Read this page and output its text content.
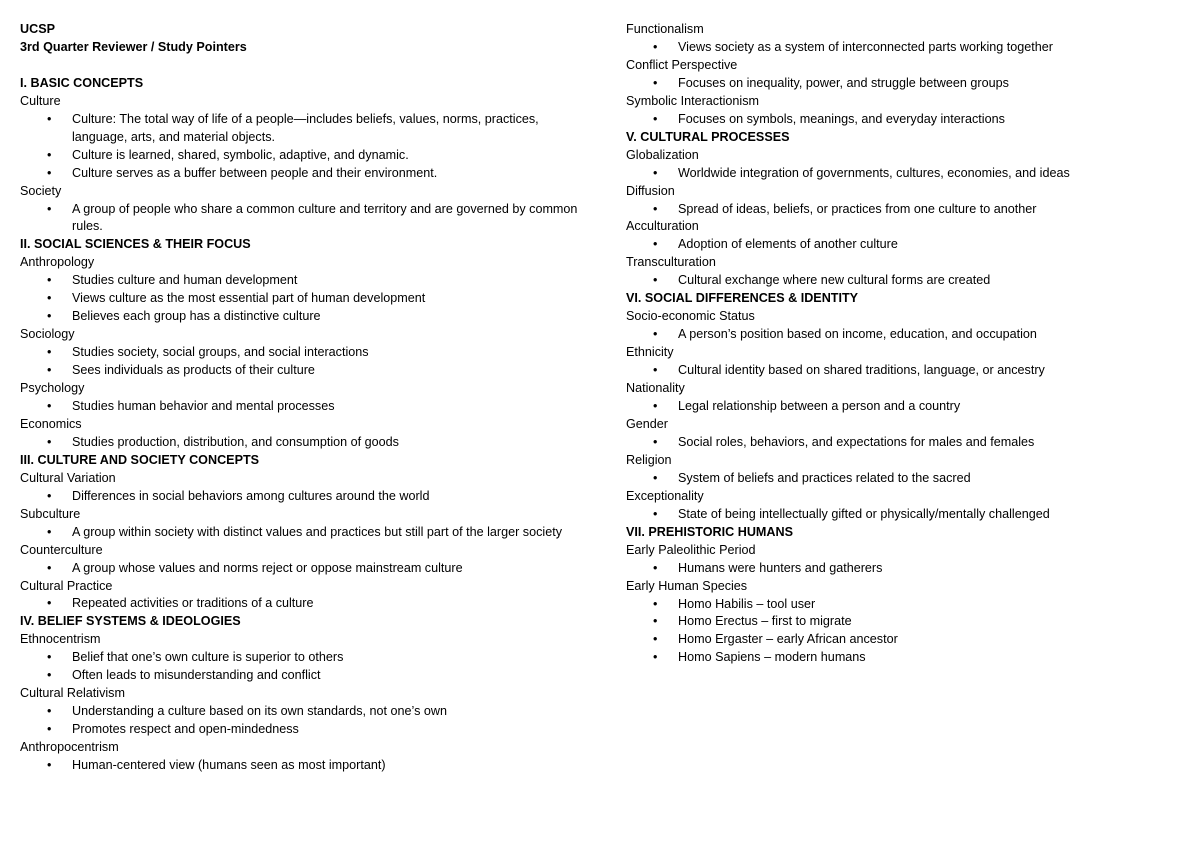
UCSP
3rd Quarter Reviewer / Study Pointers
I. BASIC CONCEPTS
Culture
• Culture: The total way of life of a people—includes beliefs, values, norms, practices, language, arts, and material objects.
• Culture is learned, shared, symbolic, adaptive, and dynamic.
• Culture serves as a buffer between people and their environment.
Society
• A group of people who share a common culture and territory and are governed by common rules.
II. SOCIAL SCIENCES & THEIR FOCUS
Anthropology
• Studies culture and human development
• Views culture as the most essential part of human development
• Believes each group has a distinctive culture
Sociology
• Studies society, social groups, and social interactions
• Sees individuals as products of their culture
Psychology
• Studies human behavior and mental processes
Economics
• Studies production, distribution, and consumption of goods
III. CULTURE AND SOCIETY CONCEPTS
Cultural Variation
• Differences in social behaviors among cultures around the world
Subculture
• A group within society with distinct values and practices but still part of the larger society
Counterculture
• A group whose values and norms reject or oppose mainstream culture
Cultural Practice
• Repeated activities or traditions of a culture
IV. BELIEF SYSTEMS & IDEOLOGIES
Ethnocentrism
• Belief that one’s own culture is superior to others
• Often leads to misunderstanding and conflict
Cultural Relativism
• Understanding a culture based on its own standards, not one’s own
• Promotes respect and open-mindedness
Anthropocentrism
• Human-centered view (humans seen as most important)
Functionalism
• Views society as a system of interconnected parts working together
Conflict Perspective
• Focuses on inequality, power, and struggle between groups
Symbolic Interactionism
• Focuses on symbols, meanings, and everyday interactions
V. CULTURAL PROCESSES
Globalization
• Worldwide integration of governments, cultures, economies, and ideas
Diffusion
• Spread of ideas, beliefs, or practices from one culture to another
Acculturation
• Adoption of elements of another culture
Transculturation
• Cultural exchange where new cultural forms are created
VI. SOCIAL DIFFERENCES & IDENTITY
Socio-economic Status
• A person’s position based on income, education, and occupation
Ethnicity
• Cultural identity based on shared traditions, language, or ancestry
Nationality
• Legal relationship between a person and a country
Gender
• Social roles, behaviors, and expectations for males and females
Religion
• System of beliefs and practices related to the sacred
Exceptionality
• State of being intellectually gifted or physically/mentally challenged
VII. PREHISTORIC HUMANS
Early Paleolithic Period
• Humans were hunters and gatherers
Early Human Species
• Homo Habilis – tool user
• Homo Erectus – first to migrate
• Homo Ergaster – early African ancestor
• Homo Sapiens – modern humans
